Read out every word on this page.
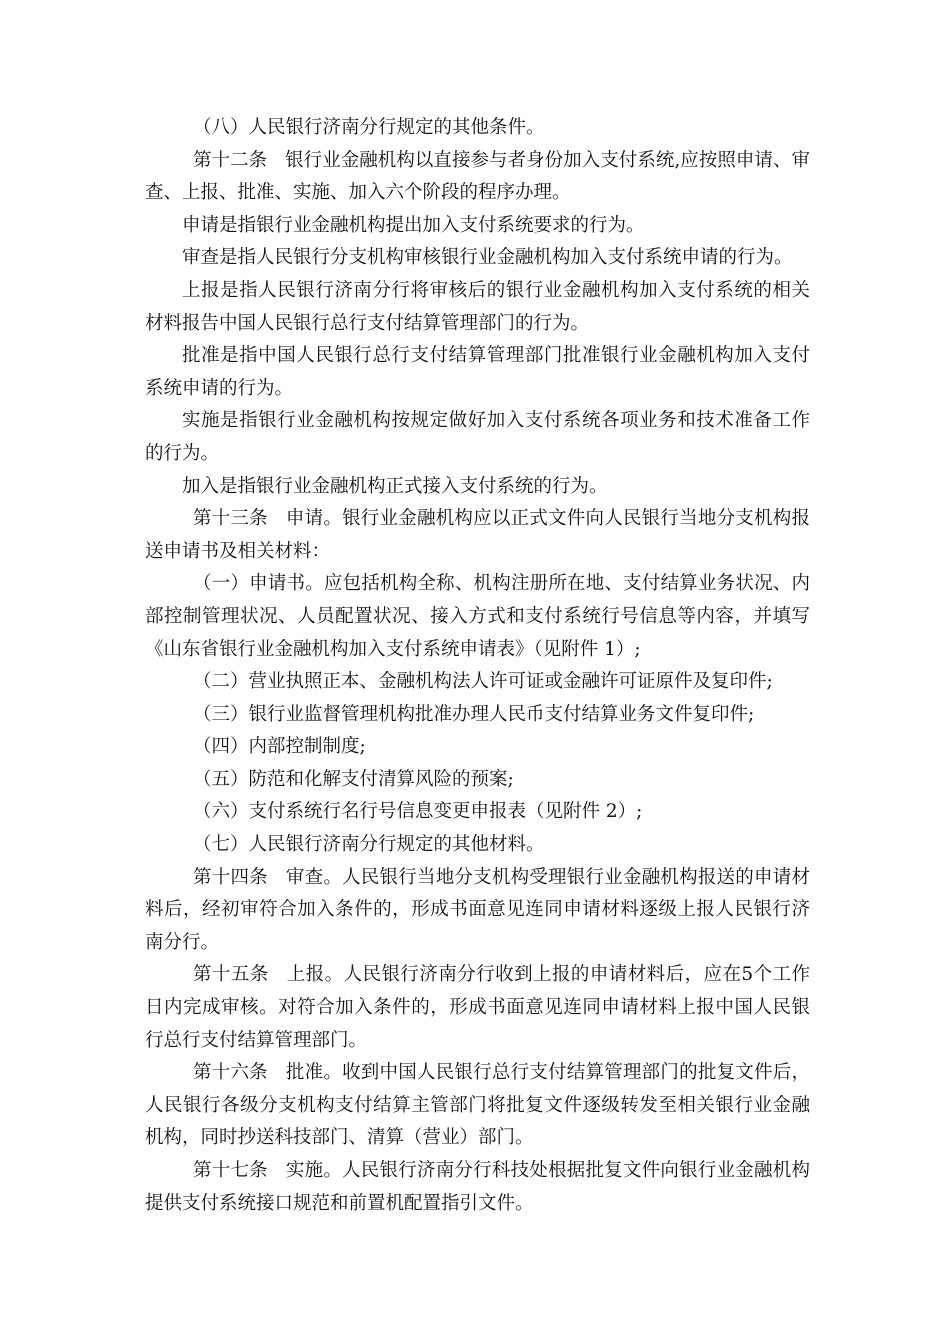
（八）人民银行济南分行规定的其他条件。

第十二条 银行业金融机构以直接参与者身份加入支付系统,应按照申请、审查、上报、批准、实施、加入六个阶段的程序办理。

申请是指银行业金融机构提出加入支付系统要求的行为。

审查是指人民银行分支机构审核银行业金融机构加入支付系统申请的行为。

上报是指人民银行济南分行将审核后的银行业金融机构加入支付系统的相关材料报告中国人民银行总行支付结算管理部门的行为。

批准是指中国人民银行总行支付结算管理部门批准银行业金融机构加入支付系统申请的行为。

实施是指银行业金融机构按规定做好加入支付系统各项业务和技术准备工作的行为。

加入是指银行业金融机构正式接入支付系统的行为。

第十三条 申请。银行业金融机构应以正式文件向人民银行当地分支机构报送申请书及相关材料：

（一）申请书。应包括机构全称、机构注册所在地、支付结算业务状况、内部控制管理状况、人员配置状况、接入方式和支付系统行号信息等内容，并填写《山东省银行业金融机构加入支付系统申请表》（见附件 1）;

（二）营业执照正本、金融机构法人许可证或金融许可证原件及复印件;

（三）银行业监督管理机构批准办理人民币支付结算业务文件复印件;

（四）内部控制制度;

（五）防范和化解支付清算风险的预案;

（六）支付系统行名行号信息变更申报表（见附件 2）;

（七）人民银行济南分行规定的其他材料。

第十四条 审查。人民银行当地分支机构受理银行业金融机构报送的申请材料后，经初审符合加入条件的，形成书面意见连同申请材料逐级上报人民银行济南分行。

第十五条 上报。人民银行济南分行收到上报的申请材料后，应在5个工作日内完成审核。对符合加入条件的，形成书面意见连同申请材料上报中国人民银行总行支付结算管理部门。

第十六条 批准。收到中国人民银行总行支付结算管理部门的批复文件后，人民银行各级分支机构支付结算主管部门将批复文件逐级转发至相关银行业金融机构，同时抄送科技部门、清算（营业）部门。

第十七条 实施。人民银行济南分行科技处根据批复文件向银行业金融机构提供支付系统接口规范和前置机配置指引文件。
